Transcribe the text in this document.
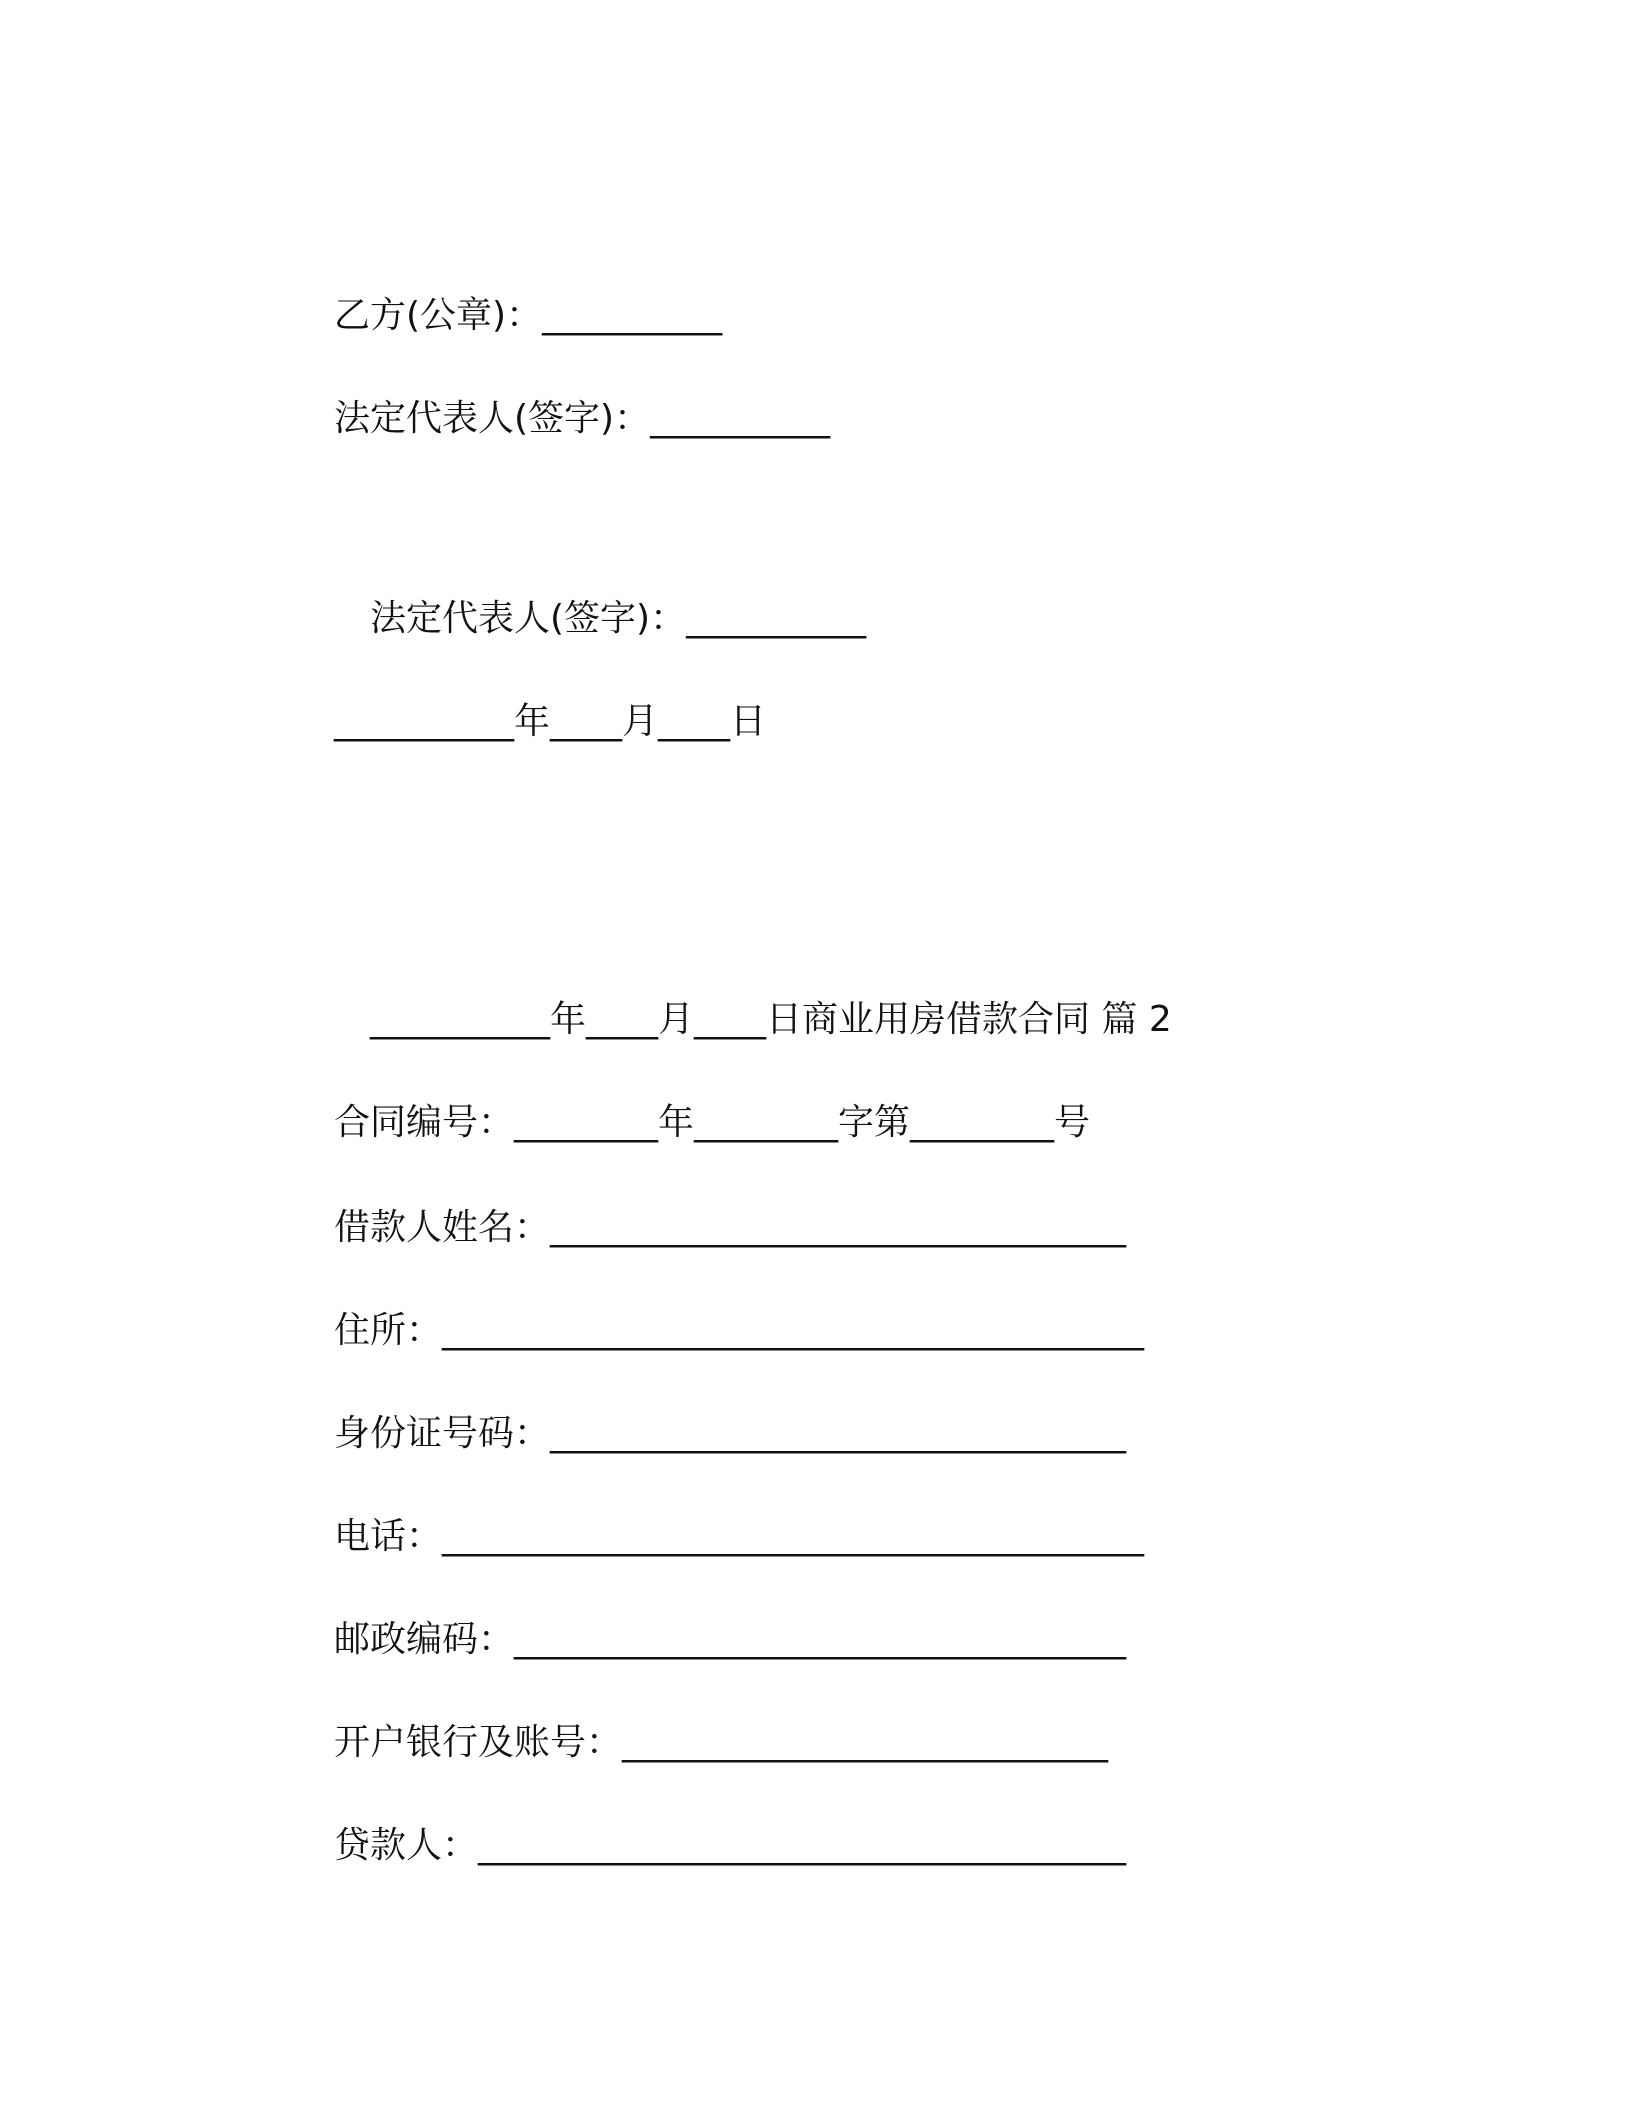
乙方(公章)：__________
法定代表人(签字)：__________
　法定代表人(签字)：__________
__________年____月____日
　__________年____月____日商业用房借款合同 篇 2
合同编号：________年________字第________号
借款人姓名：________________________________
住所：_______________________________________
身份证号码：________________________________
电话：_______________________________________
邮政编码：__________________________________
开户银行及账号：___________________________
贷款人：____________________________________
